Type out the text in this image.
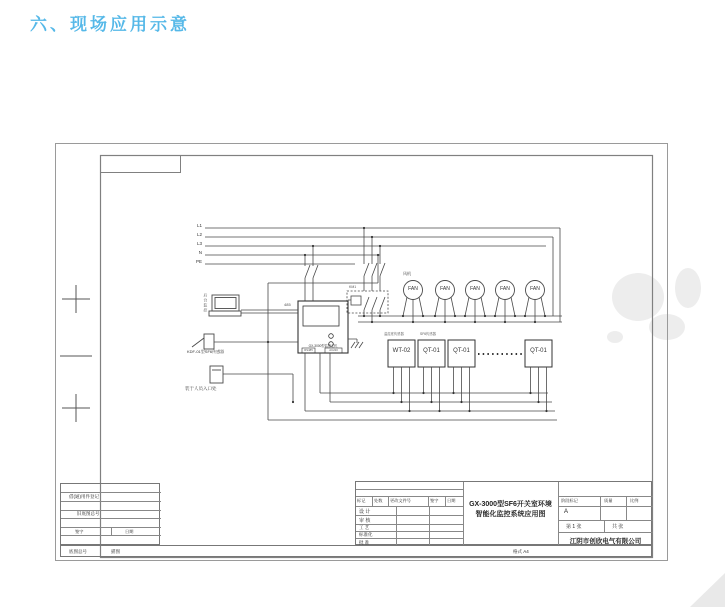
六、现场应用示意
L1
L2
L3
N
PE
风机
FAN	FAN	FAN	FAN	FAN
KM1
485
后台监控
KDF-01型SF6传感器
装于人员入口处
GX-3000型监控主机
RS485	AC220
温湿度传感器	SF6传感器
WT-02	QT-01	QT-01	QT-01
标记 处数 更改文件号	签字 日期
设 计
审 核
工 艺
标准化
批 准
GX-3000型SF6开关室环境
智能化监控系统应用图
阶段标记	质量	比例
A
第 1 张	共 张
江阴市创欣电气有限公司
借(通)用件登记
旧底图总号
签字	日期
底图总号	描图	格式 A4
